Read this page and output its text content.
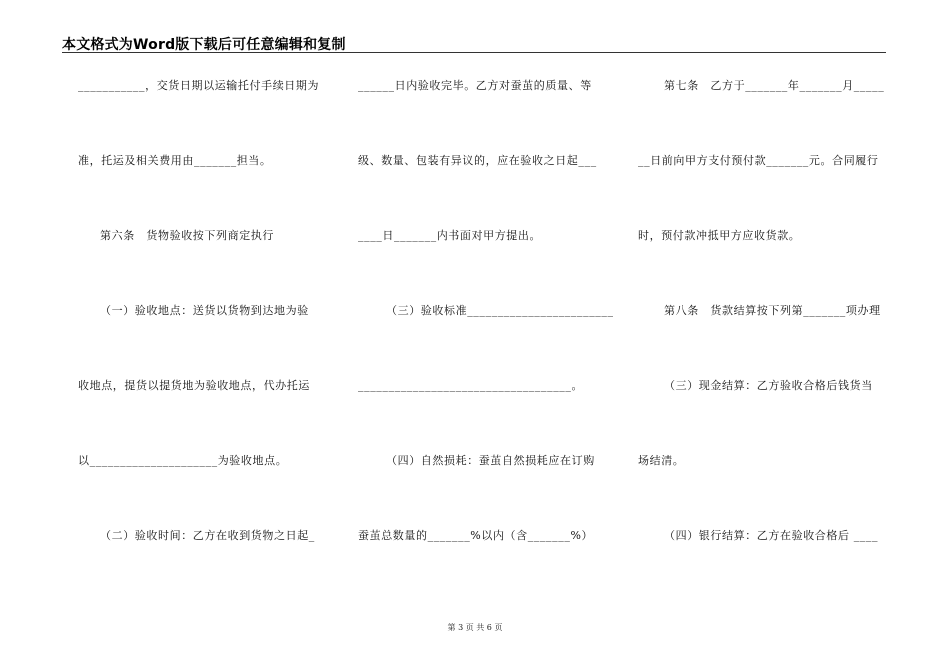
本文格式为Word版下载后可任意编辑和复制
___________，交货日期以运输托付手续日期为
准，托运及相关费用由_______担当。
第六条　货物验收按下列商定执行
（一）验收地点：送货以货物到达地为验
收地点，提货以提货地为验收地点，代办托运
以_____________________为验收地点。
（二）验收时间：乙方在收到货物之日起_
______日内验收完毕。乙方对蚕茧的质量、等
级、数量、包装有异议的，应在验收之日起___
____日_______内书面对甲方提出。
（三）验收标准________________________
___________________________________。
（四）自然损耗：蚕茧自然损耗应在订购
蚕茧总数量的_______%以内（含_______%）
第七条　乙方于_______年_______月_____
__日前向甲方支付预付款_______元。合同履行
时，预付款冲抵甲方应收货款。
第八条　货款结算按下列第_______项办理
（三）现金结算：乙方验收合格后钱货当
场结清。
（四）银行结算：乙方在验收合格后 ____
第 3 页 共 6 页
